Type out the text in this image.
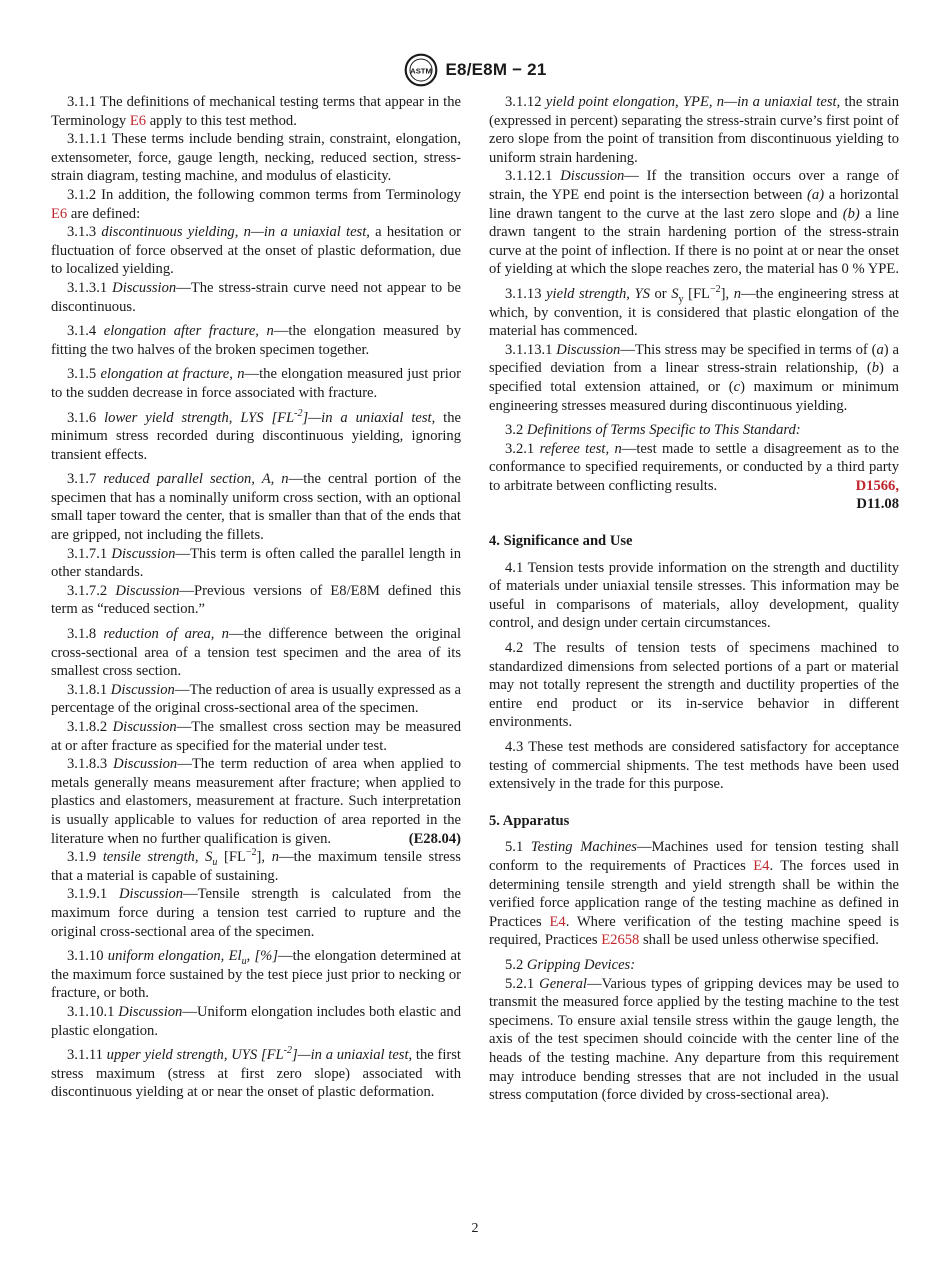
ASTM E8/E8M − 21

3.1.1 The definitions of mechanical testing terms that appear in the Terminology E6 apply to this test method.

3.1.1.1 These terms include bending strain, constraint, elongation, extensometer, force, gauge length, necking, reduced section, stress-strain diagram, testing machine, and modulus of elasticity.

3.1.2 In addition, the following common terms from Terminology E6 are defined:

3.1.3 discontinuous yielding, n—in a uniaxial test, a hesitation or fluctuation of force observed at the onset of plastic deformation, due to localized yielding.

3.1.3.1 Discussion—The stress-strain curve need not appear to be discontinuous.

3.1.4 elongation after fracture, n—the elongation measured by fitting the two halves of the broken specimen together.

3.1.5 elongation at fracture, n—the elongation measured just prior to the sudden decrease in force associated with fracture.

3.1.6 lower yield strength, LYS $[FL^{-2}]—in$ a uniaxial test, the minimum stress recorded during discontinuous yielding, ignoring transient effects.

3.1.7 reduced parallel section, A, n—the central portion of the specimen that has a nominally uniform cross section, with an optional small taper toward the center, that is smaller than that of the ends that are gripped, not including the fillets.

3.1.7.1 Discussion—This term is often called the parallel length in other standards.

3.1.7.2 Discussion—Previous versions of E8/E8M defined this term as “reduced section.”

3.1.8 reduction of area, n—the difference between the original cross-sectional area of a tension test specimen and the area of its smallest cross section.

3.1.8.1 Discussion—The reduction of area is usually expressed as a percentage of the original cross-sectional area of the specimen.

3.1.8.2 Discussion—The smallest cross section may be measured at or after fracture as specified for the material under test.

3.1.8.3 Discussion—The term reduction of area when applied to metals generally means measurement after fracture; when applied to plastics and elastomers, measurement at fracture. Such interpretation is usually applicable to values for reduction of area reported in the literature when no further qualification is given.	(E28.04)

3.1.9 tensile strength, $S_u$ $[FL^{-2}]$, n—the maximum tensile stress that a material is capable of sustaining.

3.1.9.1 Discussion—Tensile strength is calculated from the maximum force during a tension test carried to rupture and the original cross-sectional area of the specimen.

3.1.10 uniform elongation, $El_u$, [%]—the elongation determined at the maximum force sustained by the test piece just prior to necking or fracture, or both.

3.1.10.1 Discussion—Uniform elongation includes both elastic and plastic elongation.

3.1.11 upper yield strength, UYS $[FL^{-2}]—in$ a uniaxial test, the first stress maximum (stress at first zero slope) associated with discontinuous yielding at or near the onset of plastic deformation.

3.1.12 yield point elongation, YPE, n—in a uniaxial test, the strain (expressed in percent) separating the stress-strain curve’s first point of zero slope from the point of transition from discontinuous yielding to uniform strain hardening.

3.1.12.1 Discussion— If the transition occurs over a range of strain, the YPE end point is the intersection between (a) a horizontal line drawn tangent to the curve at the last zero slope and (b) a line drawn tangent to the strain hardening portion of the stress-strain curve at the point of inflection. If there is no point at or near the onset of yielding at which the slope reaches zero, the material has 0 % YPE.

3.1.13 yield strength, YS or $S_y$ $[FL^{-2}]$, n—the engineering stress at which, by convention, it is considered that plastic elongation of the material has commenced.

3.1.13.1 Discussion—This stress may be specified in terms of (a) a specified deviation from a linear stress-strain relationship, (b) a specified total extension attained, or (c) maximum or minimum engineering stresses measured during discontinuous yielding.

3.2 Definitions of Terms Specific to This Standard:

3.2.1 referee test, n—test made to settle a disagreement as to the conformance to specified requirements, or conducted by a third party to arbitrate between conflicting results.	D1566,

D11.08
4. Significance and Use

4.1 Tension tests provide information on the strength and ductility of materials under uniaxial tensile stresses. This information may be useful in comparisons of materials, alloy development, quality control, and design under certain circumstances.

4.2 The results of tension tests of specimens machined to standardized dimensions from selected portions of a part or material may not totally represent the strength and ductility properties of the entire end product or its in-service behavior in different environments.

4.3 These test methods are considered satisfactory for acceptance testing of commercial shipments. The test methods have been used extensively in the trade for this purpose.

5. Apparatus

5.1 Testing Machines—Machines used for tension testing shall conform to the requirements of Practices E4. The forces used in determining tensile strength and yield strength shall be within the verified force application range of the testing machine as defined in Practices E4. Where verification of the testing machine speed is required, Practices E2658 shall be used unless otherwise specified.

5.2 Gripping Devices:

5.2.1 General—Various types of gripping devices may be used to transmit the measured force applied by the testing machine to the test specimens. To ensure axial tensile stress within the gauge length, the axis of the test specimen should coincide with the center line of the heads of the testing machine. Any departure from this requirement may introduce bending stresses that are not included in the usual stress computation (force divided by cross-sectional area).

2
